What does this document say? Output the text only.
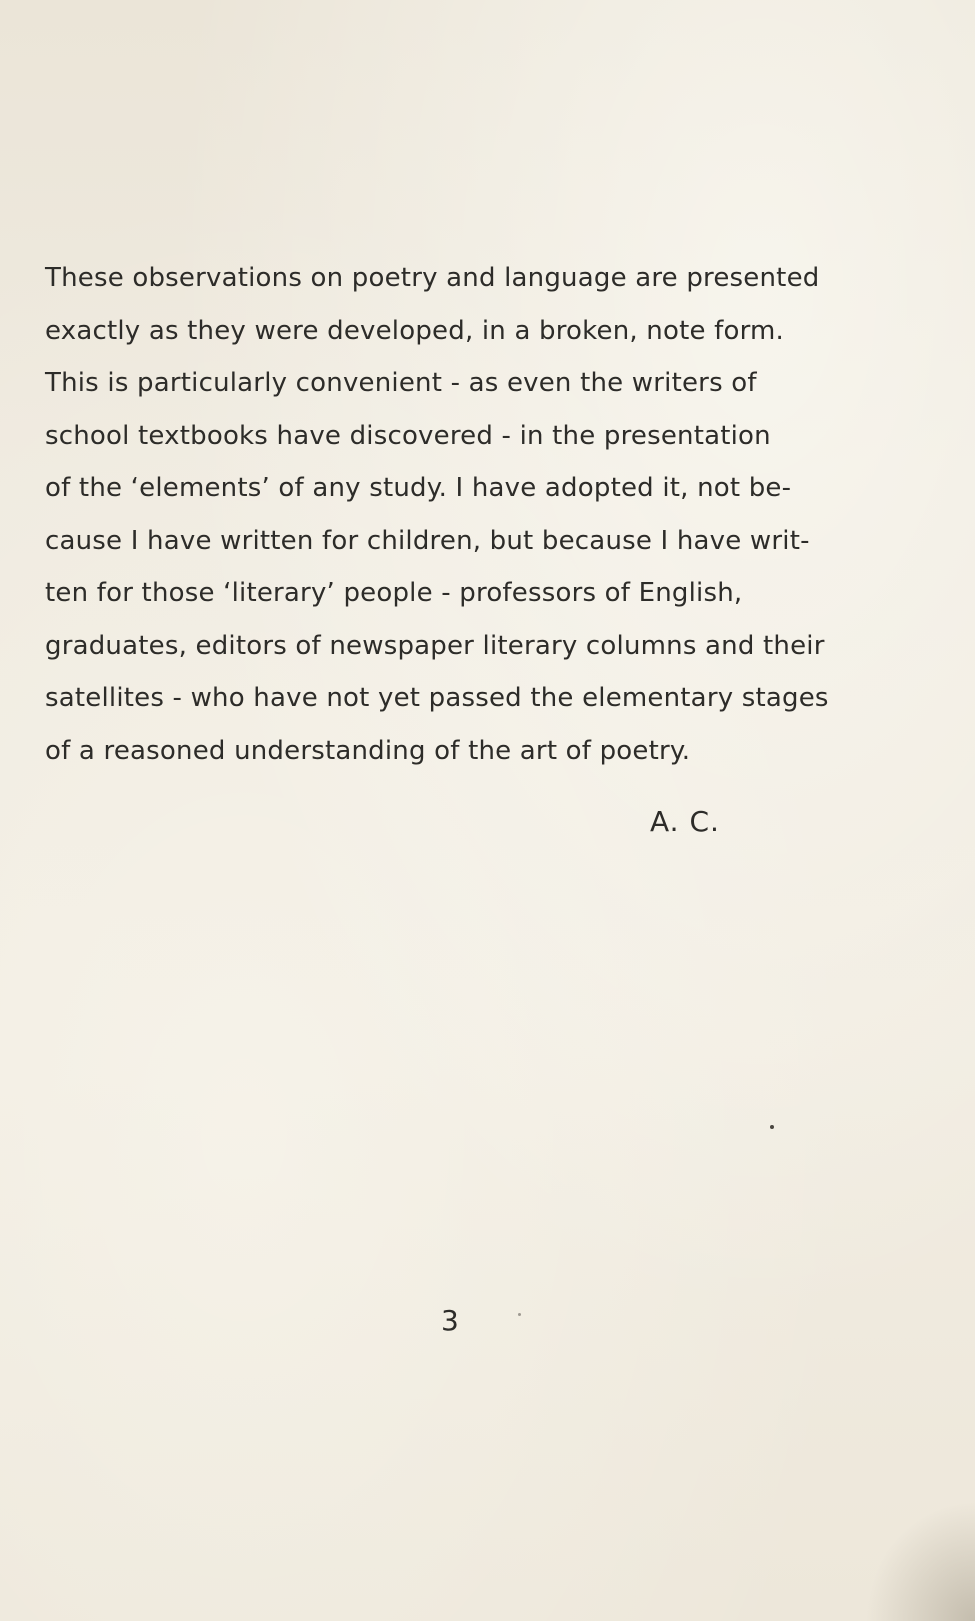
These observations on poetry and language are presented
exactly as they were developed, in a broken, note form.
This is particularly convenient - as even the writers of
school textbooks have discovered - in the presentation
of the ‘elements’ of any study. I have adopted it, not be-
cause I have written for children, but because I have writ-
ten for those ‘literary’ people - professors of English,
graduates, editors of newspaper literary columns and their
satellites - who have not yet passed the elementary stages
of a reasoned understanding of the art of poetry.
A. C.
3
